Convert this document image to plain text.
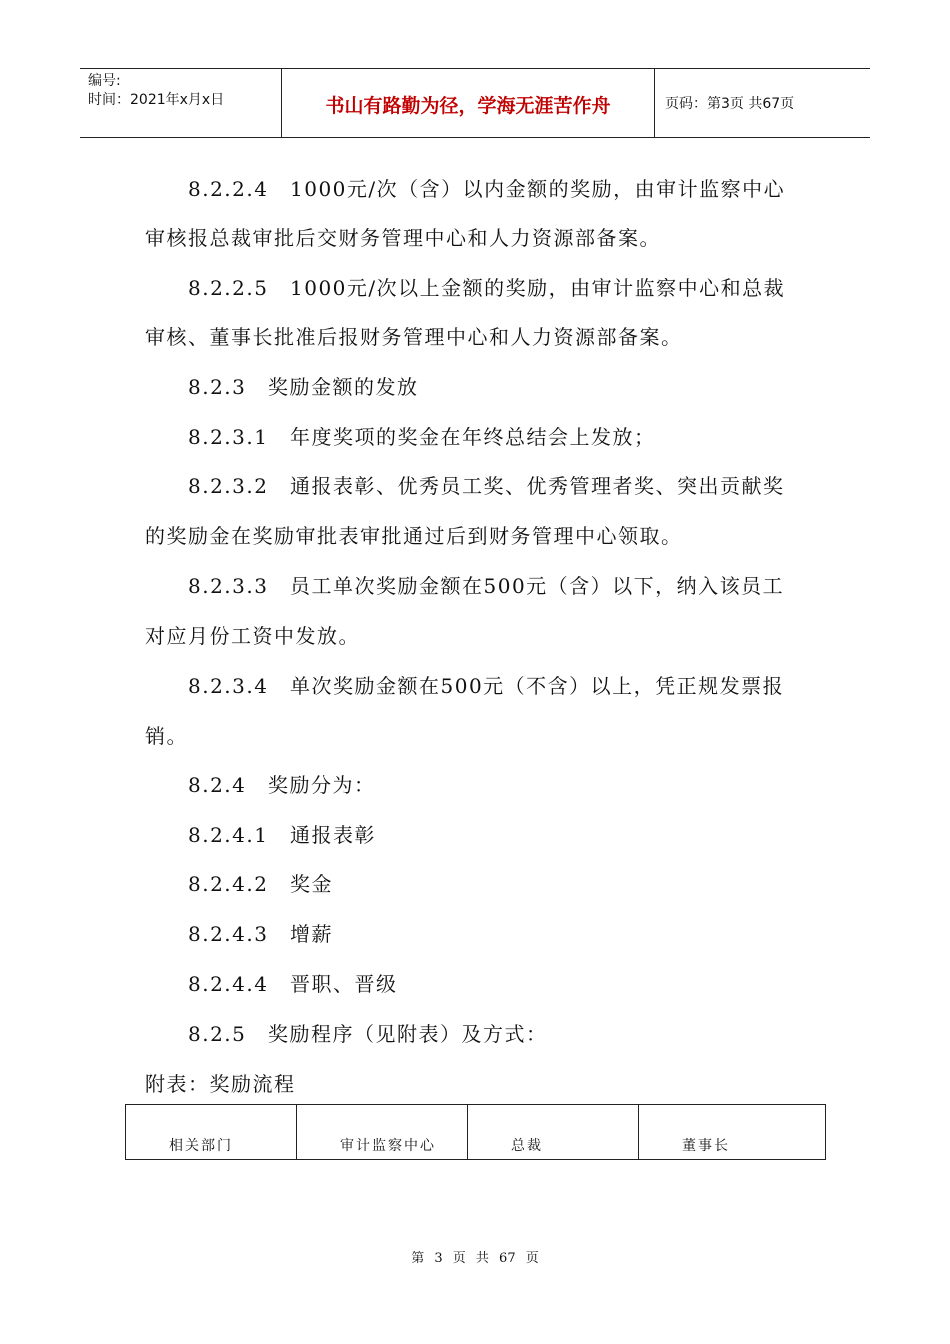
编号:
时间：2021年x月x日	书山有路勤为径，学海无涯苦作舟	页码：第3页 共67页
8.2.2.4 1000元/次（含）以内金额的奖励，由审计监察中心
审核报总裁审批后交财务管理中心和人力资源部备案。
8.2.2.5 1000元/次以上金额的奖励，由审计监察中心和总裁
审核、董事长批准后报财务管理中心和人力资源部备案。
8.2.3 奖励金额的发放
8.2.3.1 年度奖项的奖金在年终总结会上发放；
8.2.3.2 通报表彰、优秀员工奖、优秀管理者奖、突出贡献奖
的奖励金在奖励审批表审批通过后到财务管理中心领取。
8.2.3.3 员工单次奖励金额在500元（含）以下，纳入该员工
对应月份工资中发放。
8.2.3.4 单次奖励金额在500元（不含）以上，凭正规发票报
销。
8.2.4 奖励分为：
8.2.4.1 通报表彰
8.2.4.2 奖金
8.2.4.3 增薪
8.2.4.4 晋职、晋级
8.2.5 奖励程序（见附表）及方式：
附表：奖励流程
相关部门	审计监察中心	总裁	董事长
第 3 页 共 67 页
